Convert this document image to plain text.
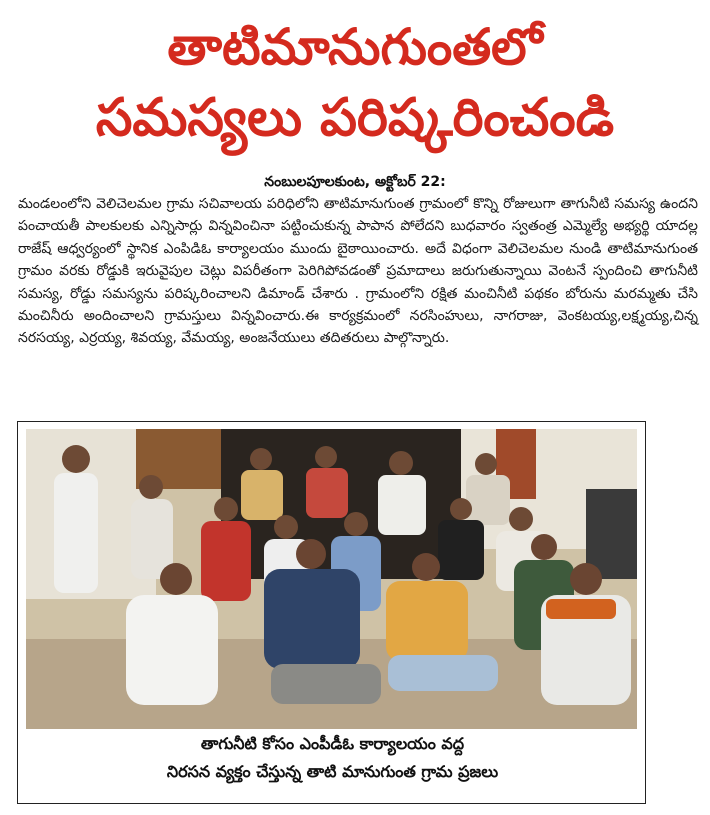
తాటిమానుగుంతలో
సమస్యలు పరిష్కరించండి
నంబులపూలకుంట, అక్టోబర్ 22:
మండలంలోని వెలిచెలమల గ్రామ సచివాలయ పరిధిలోని తాటిమానుగుంత గ్రామంలో కొన్ని రోజులుగా తాగునీటి సమస్య ఉందని పంచాయతీ పాలకులకు ఎన్నిసార్లు విన్నవించినా పట్టించుకున్న పాపాన పోలేదని బుధవారం స్వతంత్ర ఎమ్మెల్యే అభ్యర్థి యాదల్ల రాజేష్ ఆధ్వర్యంలో స్థానిక ఎంపిడిఓ కార్యాలయం ముందు బైఠాయించారు. అదే విధంగా వెలిచెలమల నుండి తాటిమానుగుంత గ్రామం వరకు రోడ్డుకి ఇరువైపుల చెట్లు విపరీతంగా పెరిగిపోవడంతో ప్రమాదాలు జరుగుతున్నాయి వెంటనే స్పందించి తాగునీటి సమస్య, రోడ్డు సమస్యను పరిష్కరించాలని డిమాండ్ చేశారు . గ్రామంలోని రక్షిత మంచినీటి పథకం బోరును మరమ్మతు చేసి మంచినీరు అందించాలని గ్రామస్తులు విన్నవించారు.ఈ కార్యక్రమంలో నరసింహులు, నాగరాజు, వెంకటయ్య,లక్ష్మయ్య,చిన్న నరసయ్య, ఎర్రయ్య, శివయ్య, వేమయ్య, అంజనేయులు తదితరులు పాల్గొన్నారు.
తాగునీటి కోసం ఎంపీడీఓ కార్యాలయం వద్ద
నిరసన వ్యక్తం చేస్తున్న తాటి మానుగుంత గ్రామ ప్రజలు
